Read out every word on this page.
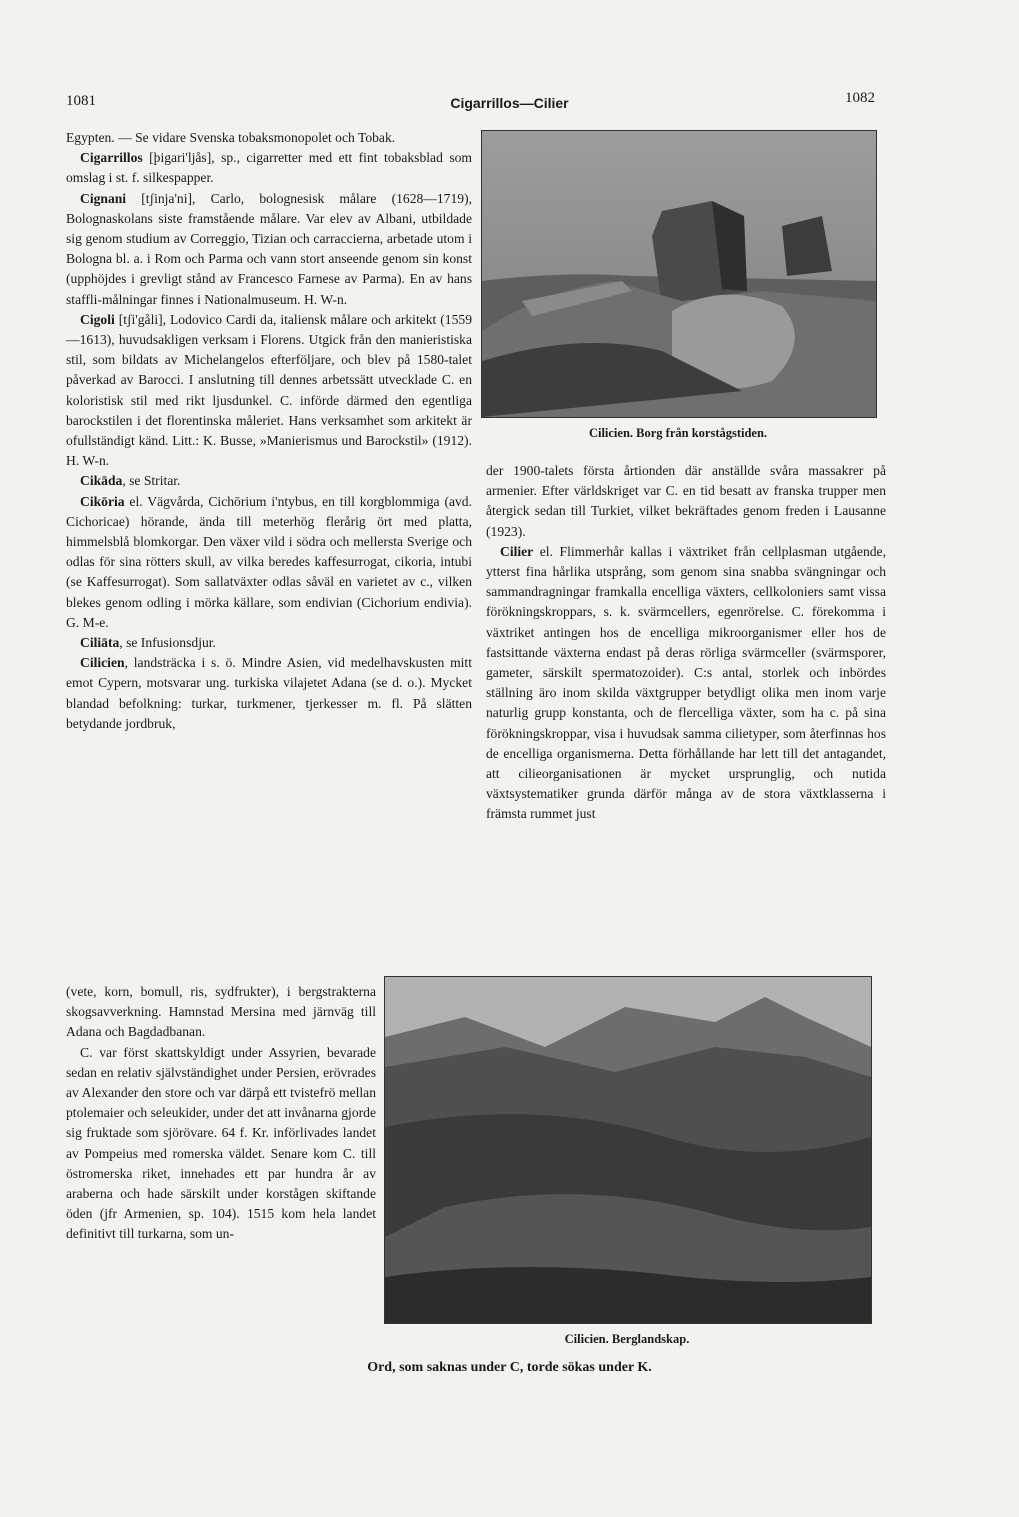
1081	Cigarrillos—Cilier	1082

Egypten. — Se vidare Svenska tobaksmonopolet och Tobak.

Cigarrillos [þigari'ljås], sp., cigarretter med ett fint tobaksblad som omslag i st. f. silkespapper.

Cignani [tʃinja'ni], Carlo, bolognesisk målare (1628—1719), Bolognaskolans siste framstående målare. Var elev av Albani, utbildade sig genom studium av Correggio, Tizian och carraccierna, arbetade utom i Bologna bl. a. i Rom och Parma och vann stort anseende genom sin konst (upphöjdes i grevligt stånd av Francesco Farnese av Parma). En av hans staffli-målningar finnes i Nationalmuseum. H. W-n.

Cigoli [tʃi'gåli], Lodovico Cardi da, italiensk målare och arkitekt (1559—1613), huvudsakligen verksam i Florens. Utgick från den manieristiska stil, som bildats av Michelangelos efterföljare, och blev på 1580-talet påverkad av Barocci. I anslutning till dennes arbetssätt utvecklade C. en koloristisk stil med rikt ljusdunkel. C. införde därmed den egentliga barockstilen i det florentinska måleriet. Hans verksamhet som arkitekt är ofullständigt känd. Litt.: K. Busse, »Manierismus und Barockstil» (1912). H. W-n.

Cikāda, se Stritar.

Cikōria el. Vägvårda, Cichōrium i'ntybus, en till korgblommiga (avd. Cichoricae) hörande, ända till meterhög flerårig ört med platta, himmelsblå blomkorgar. Den växer vild i södra och mellersta Sverige och odlas för sina rötters skull, av vilka beredes kaffesurrogat, cikoria, intubi (se Kaffesurrogat). Som sallatväxter odlas såväl en varietet av c., vilken blekes genom odling i mörka källare, som endivian (Cichorium endivia). G. M-e.

Ciliāta, se Infusionsdjur.

Cilicien, landsträcka i s. ö. Mindre Asien, vid medelhavskusten mitt emot Cypern, motsvarar ung. turkiska vilajetet Adana (se d. o.). Mycket blandad befolkning: turkar, turkmener, tjerkesser m. fl. På slätten betydande jordbruk,

(vete, korn, bomull, ris, sydfrukter), i bergstrakterna skogsavverkning. Hamnstad Mersina med järnväg till Adana och Bagdadbanan.

C. var först skattskyldigt under Assyrien, bevarade sedan en relativ självständighet under Persien, erövrades av Alexander den store och var därpå ett tvistefrö mellan ptolemaier och seleukider, under det att invånarna gjorde sig fruktade som sjörövare. 64 f. Kr. införlivades landet av Pompeius med romerska väldet. Senare kom C. till östromerska riket, innehades ett par hundra år av araberna och hade särskilt under korstågen skiftande öden (jfr Armenien, sp. 104). 1515 kom hela landet definitivt till turkarna, som un-

Cilicien. Borg från korstågstiden.

der 1900-talets första årtionden där anställde svåra massakrer på armenier. Efter världskriget var C. en tid besatt av franska trupper men återgick sedan till Turkiet, vilket bekräftades genom freden i Lausanne (1923).

Cilier el. Flimmerhår kallas i växtriket från cellplasman utgående, ytterst fina hårlika utsprång, som genom sina snabba svängningar och sammandragningar framkalla encelliga växters, cellkoloniers samt vissa förökningskroppars, s. k. svärmcellers, egenrörelse. C. förekomma i växtriket antingen hos de encelliga mikroorganismer eller hos de fastsittande växterna endast på deras rörliga svärmceller (svärmsporer, gameter, särskilt spermatozoider). C:s antal, storlek och inbördes ställning äro inom skilda växtgrupper betydligt olika men inom varje naturlig grupp konstanta, och de flercelliga växter, som ha c. på sina förökningskroppar, visa i huvudsak samma cilietyper, som återfinnas hos de encelliga organismerna. Detta förhållande har lett till det antagandet, att cilieorganisationen är mycket ursprunglig, och nutida växtsystematiker grunda därför många av de stora växtklasserna i främsta rummet just

Cilicien. Berglandskap.
Ord, som saknas under C, torde sökas under K.
